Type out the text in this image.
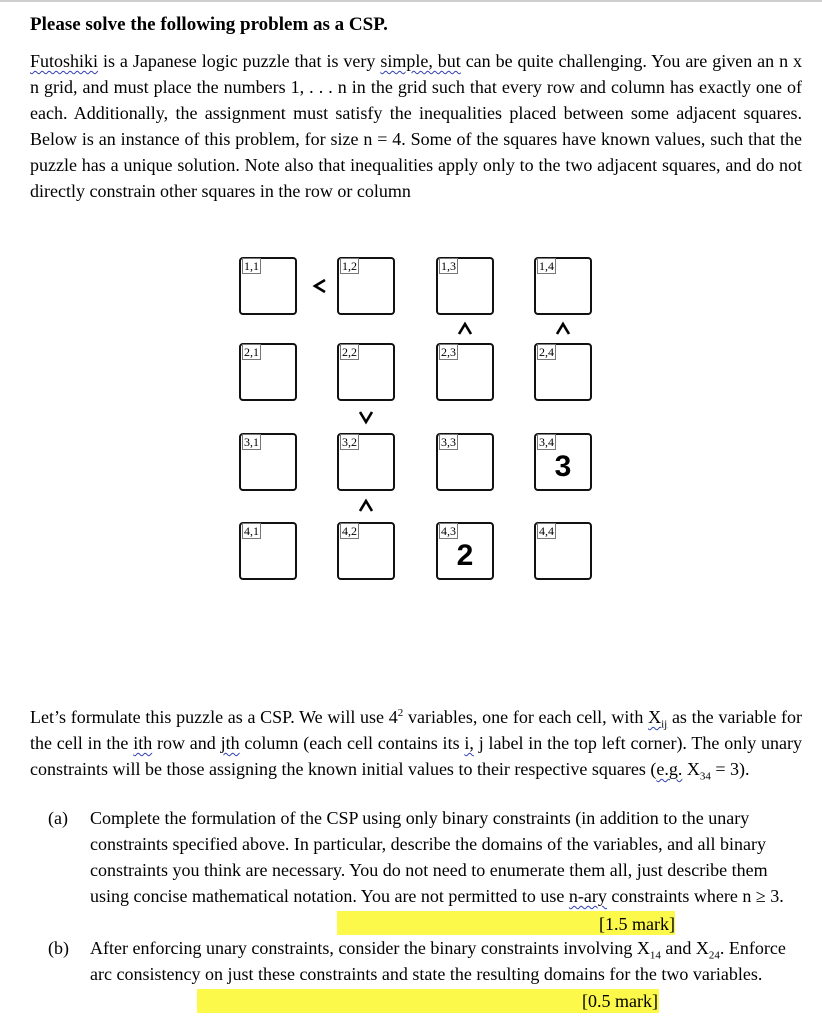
Please solve the following problem as a CSP.
Futoshiki is a Japanese logic puzzle that is very simple, but can be quite challenging. You are given an n x n grid, and must place the numbers 1, . . . n in the grid such that every row and column has exactly one of each. Additionally, the assignment must satisfy the inequalities placed between some adjacent squares. Below is an instance of this problem, for size n = 4. Some of the squares have known values, such that the puzzle has a unique solution. Note also that inequalities apply only to the two adjacent squares, and do not directly constrain other squares in the row or column
1,1	1,2	1,3	1,4
2,1	2,2	2,3	2,4
3,1	3,2	3,3	3,4
3
4,1	4,2	4,3
2
4,4
Let’s formulate this puzzle as a CSP. We will use $4^2$ variables, one for each cell, with $X_{ij}$ as the variable for the cell in the ith row and jth column (each cell contains its i, j label in the top left corner). The only unary constraints will be those assigning the known initial values to their respective squares (e.g. $X_{34} = 3$).
(a) Complete the formulation of the CSP using only binary constraints (in addition to the unary constraints specified above. In particular, describe the domains of the variables, and all binary constraints you think are necessary. You do not need to enumerate them all, just describe them using concise mathematical notation. You are not permitted to use n-ary constraints where n ≥ 3.
[1.5 mark]
(b) After enforcing unary constraints, consider the binary constraints involving $X_{14}$ and $X_{24}$. Enforce arc consistency on just these constraints and state the resulting domains for the two variables.
[0.5 mark]
